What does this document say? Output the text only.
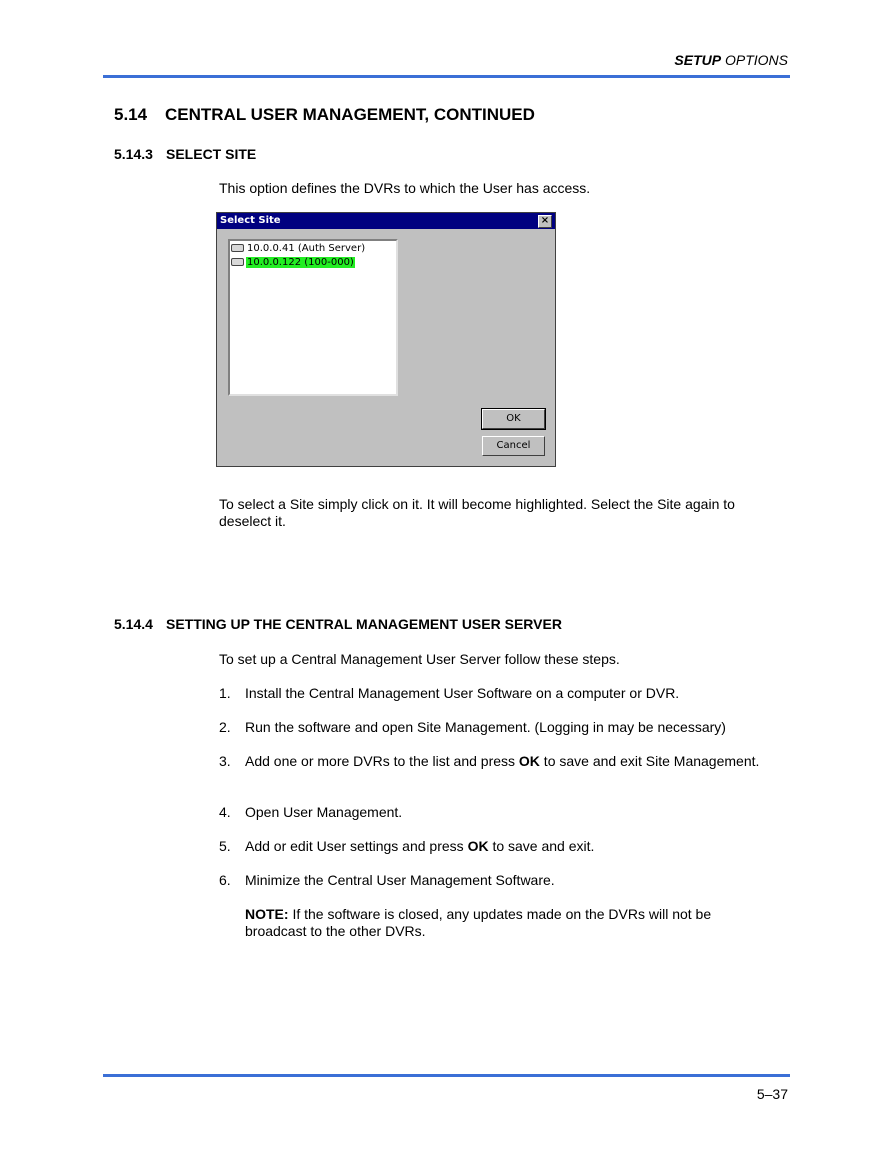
SETUP OPTIONS
5.14 CENTRAL USER MANAGEMENT, CONTINUED
5.14.3 SELECT SITE
This option defines the DVRs to which the User has access.
Select Site	×
10.0.0.41 (Auth Server)
10.0.0.122 (100-000)
OK
Cancel
To select a Site simply click on it. It will become highlighted. Select the Site again to deselect it.
5.14.4 SETTING UP THE CENTRAL MANAGEMENT USER SERVER
To set up a Central Management User Server follow these steps.
1. Install the Central Management User Software on a computer or DVR.
2. Run the software and open Site Management. (Logging in may be necessary)
3. Add one or more DVRs to the list and press OK to save and exit Site Management.
4. Open User Management.
5. Add or edit User settings and press OK to save and exit.
6. Minimize the Central User Management Software.
NOTE: If the software is closed, any updates made on the DVRs will not be broadcast to the other DVRs.
5–37
